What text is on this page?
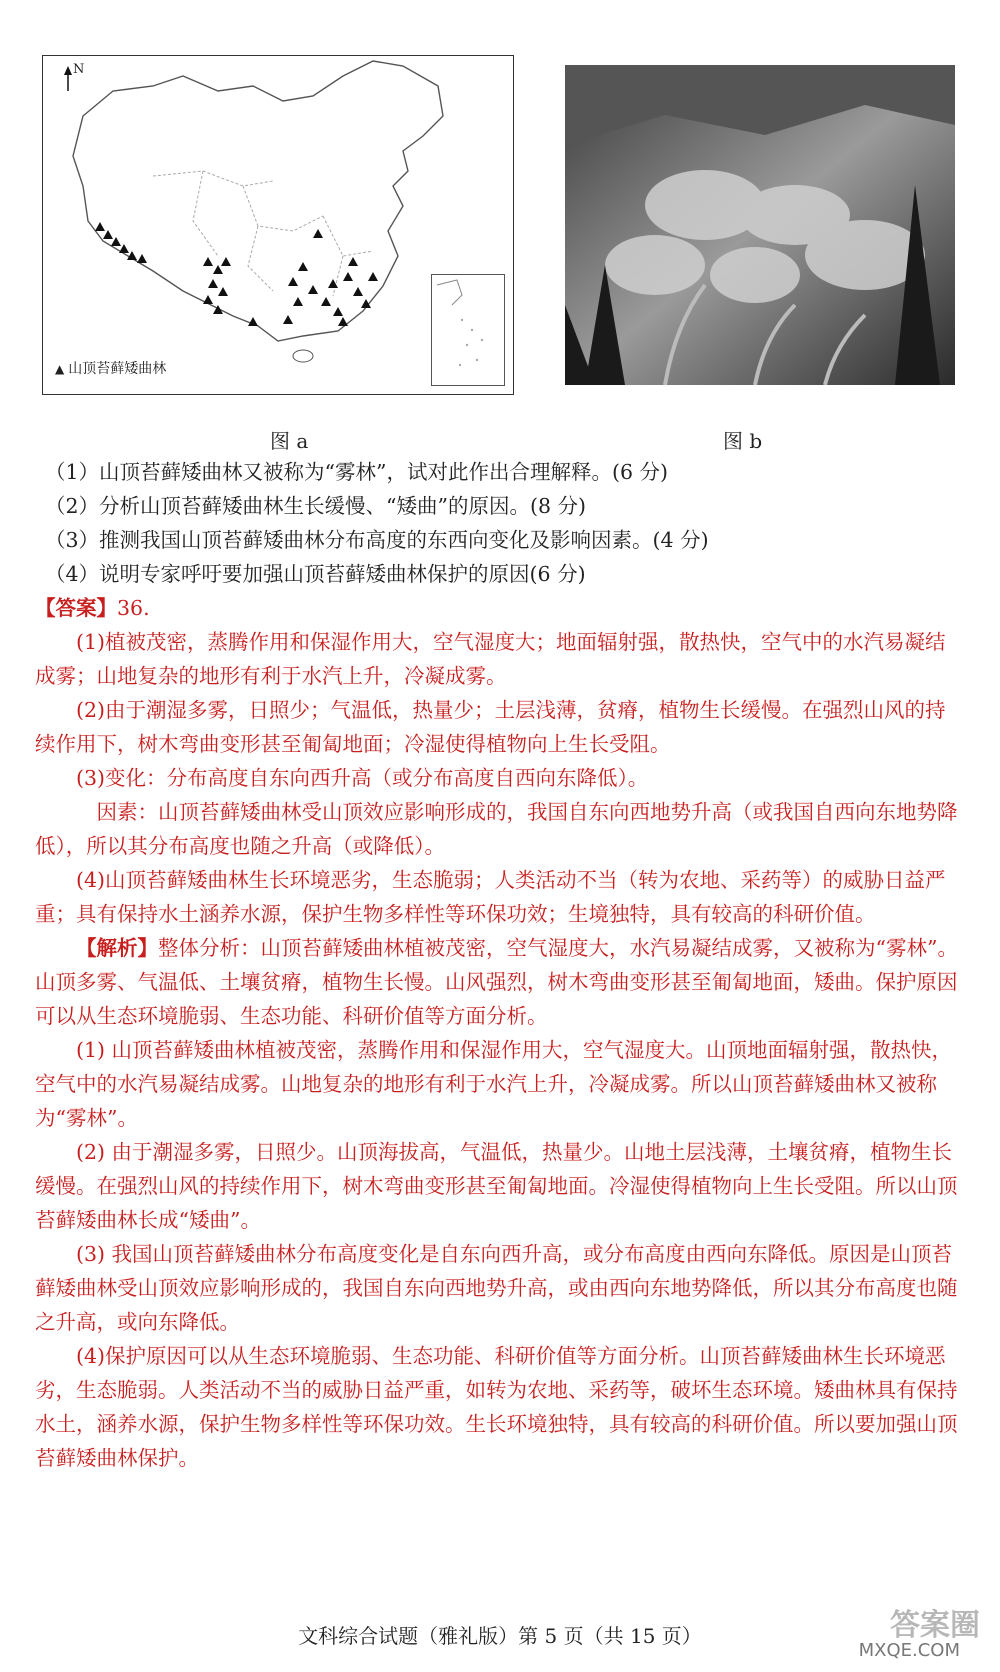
N
▲ 山顶苔藓矮曲林
图 a	图 b

（1）山顶苔藓矮曲林又被称为“雾林”，试对此作出合理解释。(6 分)

（2）分析山顶苔藓矮曲林生长缓慢、“矮曲”的原因。(8 分)

（3）推测我国山顶苔藓矮曲林分布高度的东西向变化及影响因素。(4 分)

（4）说明专家呼吁要加强山顶苔藓矮曲林保护的原因(6 分)

【答案】36.

(1)植被茂密，蒸腾作用和保湿作用大，空气湿度大；地面辐射强，散热快，空气中的水汽易凝结成雾；山地复杂的地形有利于水汽上升，冷凝成雾。

(2)由于潮湿多雾，日照少；气温低，热量少；土层浅薄，贫瘠，植物生长缓慢。在强烈山风的持续作用下，树木弯曲变形甚至匍匐地面；冷湿使得植物向上生长受阻。

(3)变化：分布高度自东向西升高（或分布高度自西向东降低）。

因素：山顶苔藓矮曲林受山顶效应影响形成的，我国自东向西地势升高（或我国自西向东地势降低），所以其分布高度也随之升高（或降低）。

(4)山顶苔藓矮曲林生长环境恶劣，生态脆弱；人类活动不当（转为农地、采药等）的威胁日益严重；具有保持水土涵养水源，保护生物多样性等环保功效；生境独特，具有较高的科研价值。

【解析】整体分析：山顶苔藓矮曲林植被茂密，空气湿度大，水汽易凝结成雾，又被称为“雾林”。山顶多雾、气温低、土壤贫瘠，植物生长慢。山风强烈，树木弯曲变形甚至匍匐地面，矮曲。保护原因可以从生态环境脆弱、生态功能、科研价值等方面分析。

(1) 山顶苔藓矮曲林植被茂密，蒸腾作用和保湿作用大，空气湿度大。山顶地面辐射强，散热快，空气中的水汽易凝结成雾。山地复杂的地形有利于水汽上升，冷凝成雾。所以山顶苔藓矮曲林又被称为“雾林”。

(2) 由于潮湿多雾，日照少。山顶海拔高，气温低，热量少。山地土层浅薄，土壤贫瘠，植物生长缓慢。在强烈山风的持续作用下，树木弯曲变形甚至匍匐地面。冷湿使得植物向上生长受阻。所以山顶苔藓矮曲林长成“矮曲”。

(3) 我国山顶苔藓矮曲林分布高度变化是自东向西升高，或分布高度由西向东降低。原因是山顶苔藓矮曲林受山顶效应影响形成的，我国自东向西地势升高，或由西向东地势降低，所以其分布高度也随之升高，或向东降低。

(4)保护原因可以从生态环境脆弱、生态功能、科研价值等方面分析。山顶苔藓矮曲林生长环境恶劣，生态脆弱。人类活动不当的威胁日益严重，如转为农地、采药等，破坏生态环境。矮曲林具有保持水土，涵养水源，保护生物多样性等环保功效。生长环境独特，具有较高的科研价值。所以要加强山顶苔藓矮曲林保护。

文科综合试题（雅礼版）第 5 页（共 15 页）	答案圈
MXQE.COM
